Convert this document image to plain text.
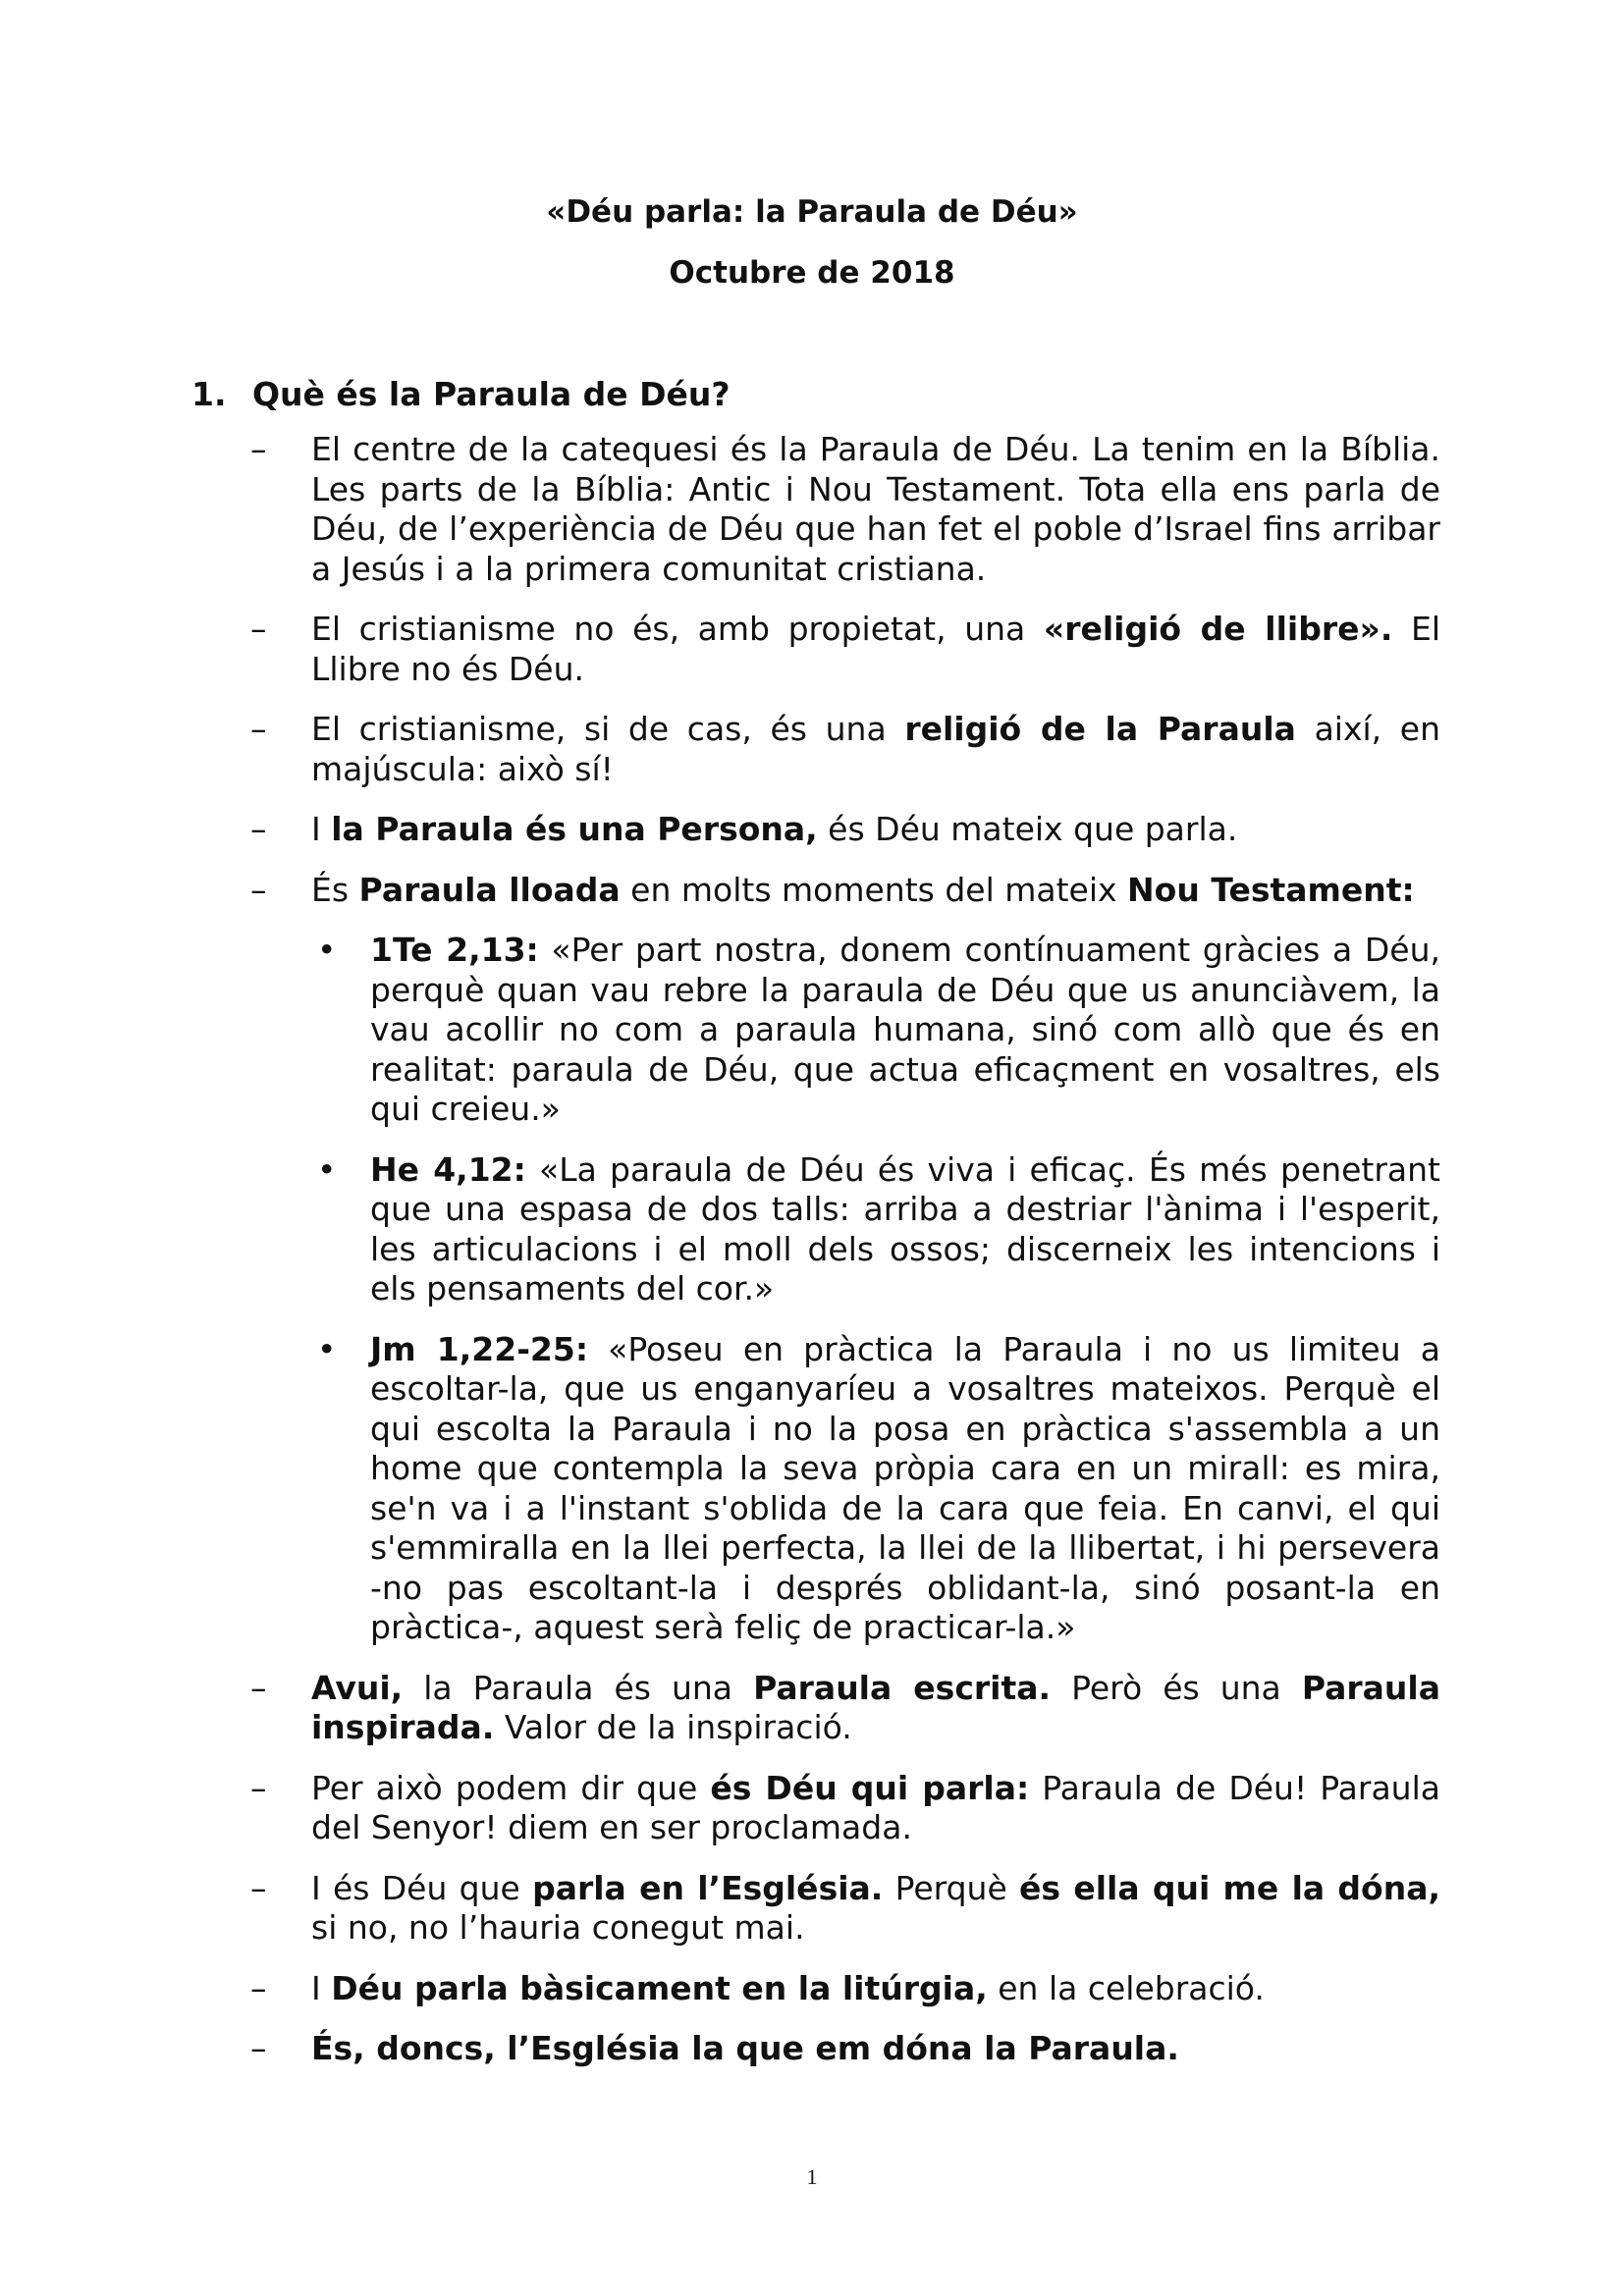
«Déu parla: la Paraula de Déu»
Octubre de 2018
1. Què és la Paraula de Déu?
– El centre de la catequesi és la Paraula de Déu. La tenim en la Bíblia. Les parts de la Bíblia: Antic i Nou Testament. Tota ella ens parla de Déu, de l’experiència de Déu que han fet el poble d’Israel fins arribar a Jesús i a la primera comunitat cristiana.
– El cristianisme no és, amb propietat, una «religió de llibre». El Llibre no és Déu.
– El cristianisme, si de cas, és una religió de la Paraula així, en majúscula: això sí!
– I la Paraula és una Persona, és Déu mateix que parla.
– És Paraula lloada en molts moments del mateix Nou Testament:
• 1Te 2,13: «Per part nostra, donem contínuament gràcies a Déu, perquè quan vau rebre la paraula de Déu que us anunciàvem, la vau acollir no com a paraula humana, sinó com allò que és en realitat: paraula de Déu, que actua eficaçment en vosaltres, els qui creieu.»
• He 4,12: «La paraula de Déu és viva i eficaç. És més penetrant que una espasa de dos talls: arriba a destriar l'ànima i l'esperit, les articulacions i el moll dels ossos; discerneix les intencions i els pensaments del cor.»
• Jm 1,22-25: «Poseu en pràctica la Paraula i no us limiteu a escoltar-la, que us enganyaríeu a vosaltres mateixos. Perquè el qui escolta la Paraula i no la posa en pràctica s'assembla a un home que contempla la seva pròpia cara en un mirall: es mira, se'n va i a l'instant s'oblida de la cara que feia. En canvi, el qui s'emmiralla en la llei perfecta, la llei de la llibertat, i hi persevera -no pas escoltant-la i després oblidant-la, sinó posant-la en pràctica-, aquest serà feliç de practicar-la.»
– Avui, la Paraula és una Paraula escrita. Però és una Paraula inspirada. Valor de la inspiració.
– Per això podem dir que és Déu qui parla: Paraula de Déu! Paraula del Senyor! diem en ser proclamada.
– I és Déu que parla en l’Església. Perquè és ella qui me la dóna, si no, no l’hauria conegut mai.
– I Déu parla bàsicament en la litúrgia, en la celebració.
– És, doncs, l’Església la que em dóna la Paraula.
1
